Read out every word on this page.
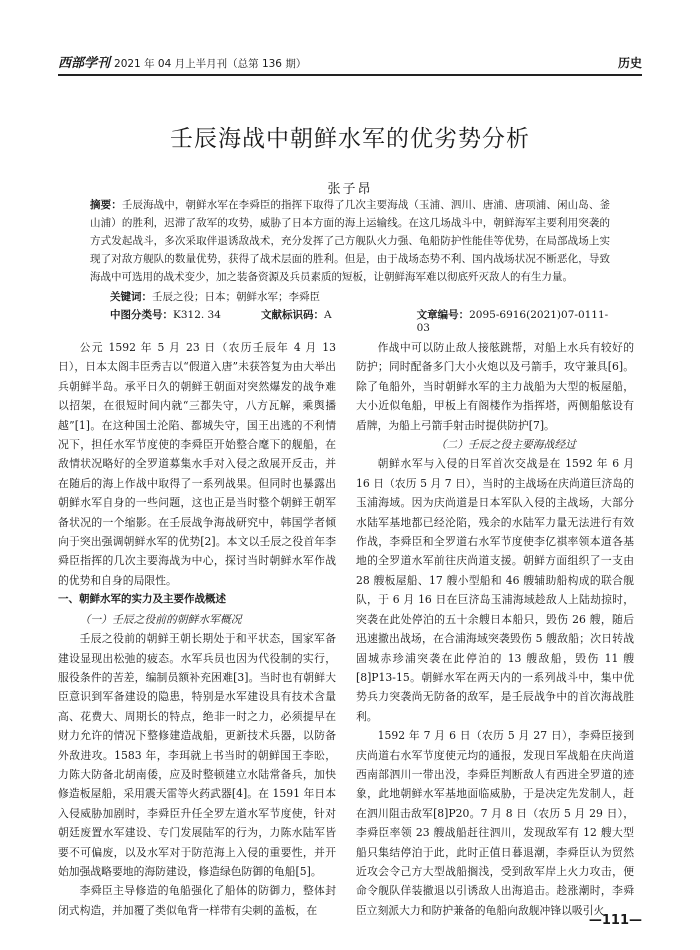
西部学刊 2021 年 04 月上半月刊（总第 136 期）	历史
壬辰海战中朝鲜水军的优劣势分析
张子昂
摘要：壬辰海战中，朝鲜水军在李舜臣的指挥下取得了几次主要海战（玉浦、泗川、唐浦、唐项浦、闲山岛、釜山浦）的胜利，迟滞了敌军的攻势，威胁了日本方面的海上运输线。在这几场战斗中，朝鲜海军主要利用突袭的方式发起战斗，多次采取伴退诱敌战术，充分发挥了己方舰队火力强、龟船防护性能佳等优势，在局部战场上实现了对敌方舰队的数量优势，获得了战术层面的胜利。但是，由于战场态势不利、国内战场状况不断恶化，导致海战中可选用的战术变少，加之装备资源及兵员素质的短板，让朝鲜海军难以彻底歼灭敌人的有生力量。
关键词：壬辰之役；日本；朝鲜水军；李舜臣
中图分类号：K312. 34	文献标识码：A	文章编号：2095-6916(2021)07-0111-03

公元 1592 年 5 月 23 日（农历壬辰年 4 月 13 日），日本太阁丰臣秀吉以“假道入唐”未获答复为由大举出兵朝鲜半岛。承平日久的朝鲜王朝面对突然爆发的战争难以招架，在很短时间内就“三都失守，八方瓦解，乘舆播越”[1]。在这种国土沦陷、都城失守，国王出逃的不利情况下，担任水军节度使的李舜臣开始整合麾下的舰船，在敌情状况略好的全罗道募集水手对入侵之敌展开反击，并在随后的海上作战中取得了一系列战果。但同时也暴露出朝鲜水军自身的一些问题，这也正是当时整个朝鲜王朝军备状况的一个缩影。在壬辰战争海战研究中，韩国学者倾向于突出强调朝鲜水军的优势[2]。本文以壬辰之役首年李舜臣指挥的几次主要海战为中心，探讨当时朝鲜水军作战的优势和自身的局限性。

一、朝鲜水军的实力及主要作战概述

（一）壬辰之役前的朝鲜水军概况

壬辰之役前的朝鲜王朝长期处于和平状态，国家军备建设显现出松弛的疲态。水军兵员也因为代役制的实行，服役条件的苦差，编制员额补充困难[3]。当时也有朝鲜大臣意识到军备建设的隐患，特别是水军建设具有技术含量高、花费大、周期长的特点，绝非一时之力，必须提早在财力允许的情况下整修建造战船，更新技术兵器，以防备外敌进攻。1583 年，李珥就上书当时的朝鲜国王李昖，力陈大防备北胡南倭，应及时整顿建立水陆常备兵，加快修造板屋船，采用震天雷等火药武器[4]。在 1591 年日本入侵威胁加剧时，李舜臣升任全罗左道水军节度使，针对朝廷废置水军建设、专门发展陆军的行为，力陈水陆军皆要不可偏废，以及水军对于防范海上入侵的重要性，并开始加强战略要地的海防建设，修造绿色防御的龟船[5]。

李舜臣主导修造的龟船强化了船体的防御力，整体封闭式构造，并加覆了类似龟背一样带有尖刺的盖板，在

作战中可以防止敌人接舷跳帮，对船上水兵有较好的防护；同时配备多门大小火炮以及弓箭手，攻守兼具[6]。除了龟船外，当时朝鲜水军的主力战船为大型的板屋船，大小近似龟船，甲板上有阁楼作为指挥塔，两侧船舷设有盾牌，为船上弓箭手射击时提供防护[7]。

（二）壬辰之役主要海战经过

朝鲜水军与入侵的日军首次交战是在 1592 年 6 月 16 日（农历 5 月 7 日），当时的主战场在庆尚道巨济岛的玉浦海域。因为庆尚道是日本军队入侵的主战场，大部分水陆军基地都已经沦陷，残余的水陆军力量无法进行有效作战，李舜臣和全罗道右水军节度使李亿祺率领本道各基地的全罗道水军前往庆尚道支援。朝鲜方面组织了一支由 28 艘板屋船、17 艘小型船和 46 艘辅助船构成的联合舰队，于 6 月 16 日在巨济岛玉浦海域趁敌人上陆劫掠时，突袭在此处停泊的五十余艘日本船只，毁伤 26 艘，随后迅速撤出战场，在合浦海域突袭毁伤 5 艘敌船；次日转战固城赤珍浦突袭在此停泊的 13 艘敌船，毁伤 11 艘[8]P13-15。朝鲜水军在两天内的一系列战斗中，集中优势兵力突袭尚无防备的敌军，是壬辰战争中的首次海战胜利。

1592 年 7 月 6 日（农历 5 月 27 日），李舜臣接到庆尚道右水军节度使元均的通报，发现日军战船在庆尚道西南部泗川一带出没，李舜臣判断敌人有西进全罗道的迹象，此地朝鲜水军基地面临威胁，于是决定先发制人，赶在泗川阻击敌军[8]P20。7 月 8 日（农历 5 月 29 日），李舜臣率领 23 艘战船赶往泗川，发现敌军有 12 艘大型船只集结停泊于此，此时正值日暮退潮，李舜臣认为贸然近攻会令己方大型战船搁浅，受到敌军岸上火力攻击，便命令舰队佯装撤退以引诱敌人出海追击。趁涨潮时，李舜臣立刻派大力和防护兼备的龟船向敌舰冲锋以吸引火

—111—
